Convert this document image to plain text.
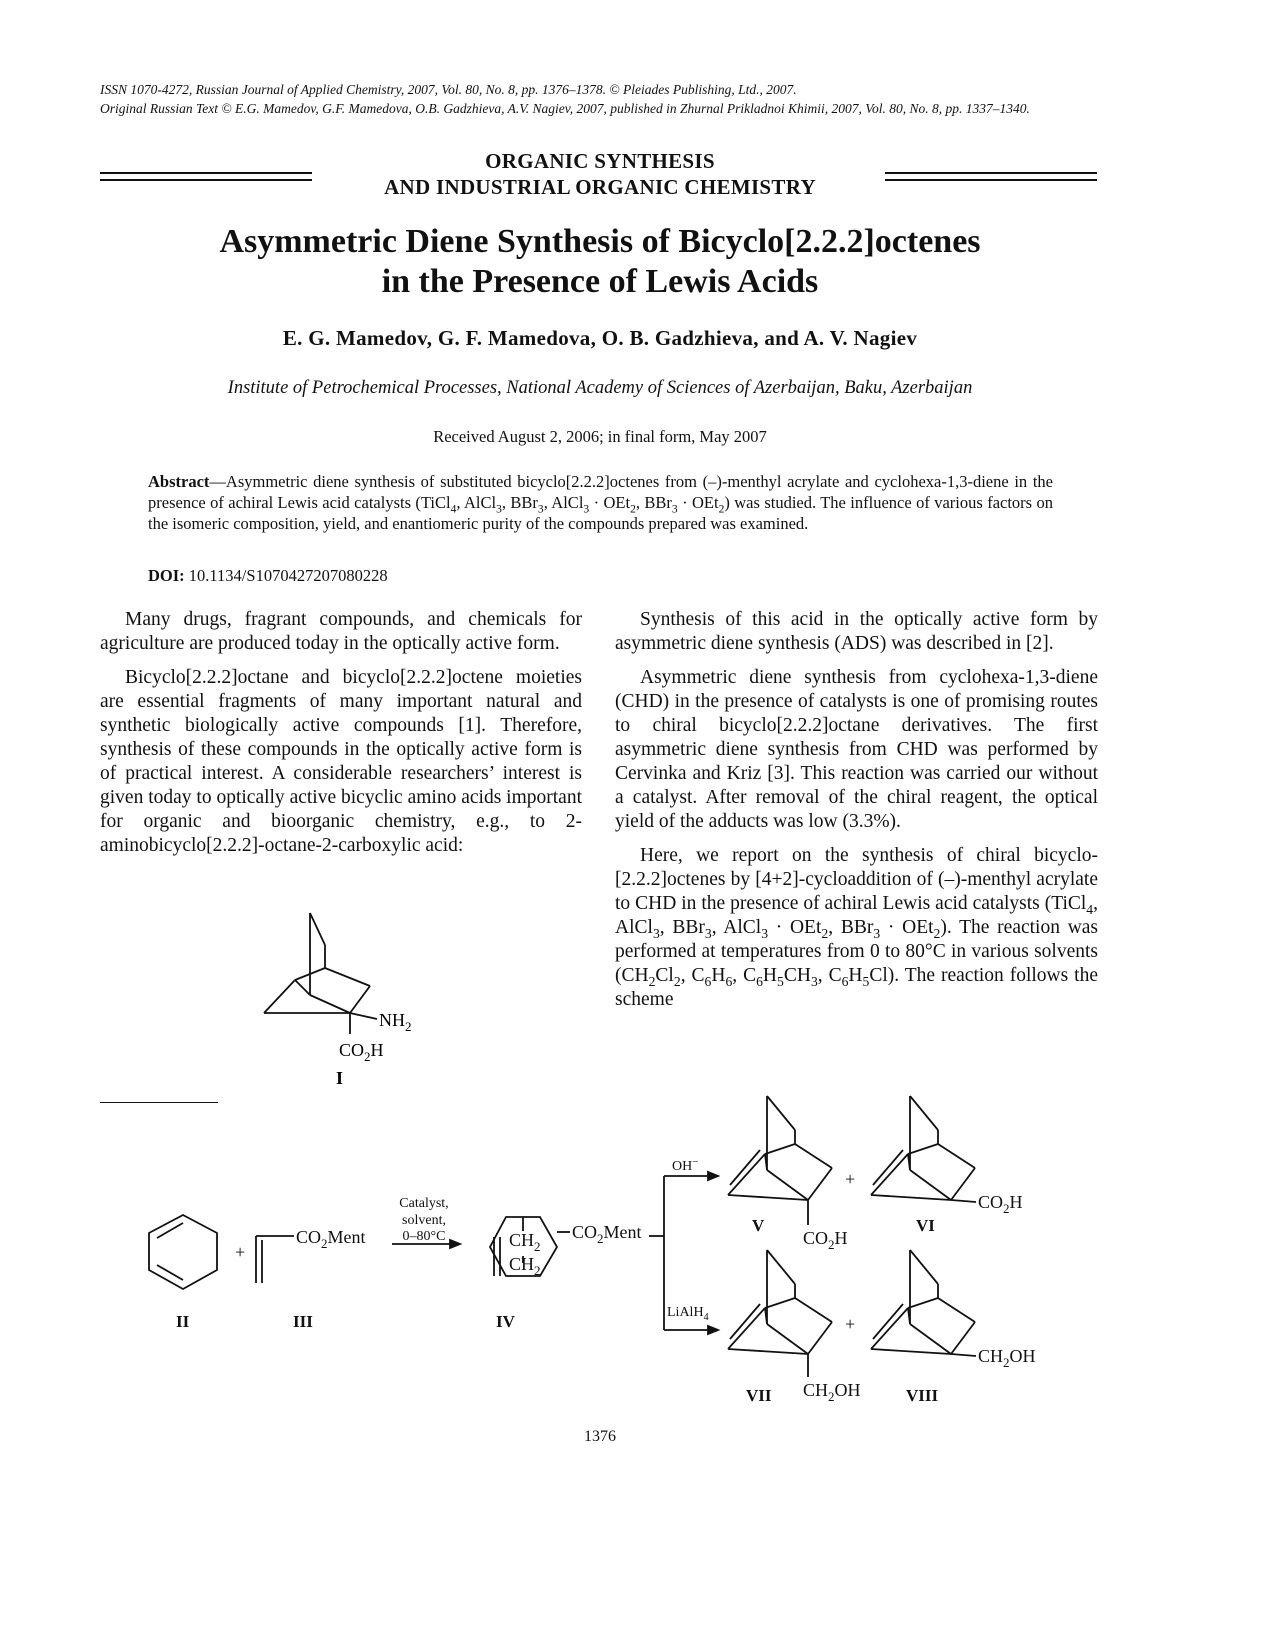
ISSN 1070-4272, Russian Journal of Applied Chemistry, 2007, Vol. 80, No. 8, pp. 1376–1378. © Pleiades Publishing, Ltd., 2007.
Original Russian Text © E.G. Mamedov, G.F. Mamedova, O.B. Gadzhieva, A.V. Nagiev, 2007, published in Zhurnal Prikladnoi Khimii, 2007, Vol. 80, No. 8, pp. 1337–1340.
ORGANIC SYNTHESIS
AND INDUSTRIAL ORGANIC CHEMISTRY
Asymmetric Diene Synthesis of Bicyclo[2.2.2]octenes
in the Presence of Lewis Acids
E. G. Mamedov, G. F. Mamedova, O. B. Gadzhieva, and A. V. Nagiev
Institute of Petrochemical Processes, National Academy of Sciences of Azerbaijan, Baku, Azerbaijan
Received August 2, 2006; in final form, May 2007
Abstract—Asymmetric diene synthesis of substituted bicyclo[2.2.2]octenes from (–)-menthyl acrylate and cyclohexa-1,3-diene in the presence of achiral Lewis acid catalysts (TiCl$_4$, AlCl$_3$, BBr$_3$, AlCl$_3$ · OEt$_2$, BBr$_3$ · OEt$_2$) was studied. The influence of various factors on the isomeric composition, yield, and enantiomeric purity of the compounds prepared was examined.
DOI: 10.1134/S1070427207080228

Many drugs, fragrant compounds, and chemicals for agriculture are produced today in the optically active form.

Bicyclo[2.2.2]octane and bicyclo[2.2.2]octene moieties are essential fragments of many important natural and synthetic biologically active compounds [1]. Therefore, synthesis of these compounds in the optically active form is of practical interest. A considerable researchers’ interest is given today to optically active bicyclic amino acids important for organic and bioorganic chemistry, e.g., to 2-aminobicyclo[2.2.2]-octane-2-carboxylic acid:

$NH_2$
$CO_2H$
I

Synthesis of this acid in the optically active form by asymmetric diene synthesis (ADS) was described in [2].

Asymmetric diene synthesis from cyclohexa-1,3-diene (CHD) in the presence of catalysts is one of promising routes to chiral bicyclo[2.2.2]octane derivatives. The first asymmetric diene synthesis from CHD was performed by Cervinka and Kriz [3]. This reaction was carried our without a catalyst. After removal of the chiral reagent, the optical yield of the adducts was low (3.3%).

Here, we report on the synthesis of chiral bicyclo-[2.2.2]octenes by [4+2]-cycloaddition of (–)-menthyl acrylate to CHD in the presence of achiral Lewis acid catalysts (TiCl$_4$, AlCl$_3$, BBr$_3$, AlCl$_3$ · OEt$_2$, BBr$_3$ · OEt$_2$). The reaction was performed at temperatures from 0 to 80°C in various solvents ($CH_2Cl_2$, $C_6H_6$, $C_6H_5CH_3$, $C_6H_5Cl$). The reaction follows the scheme

+
$CO_2Ment$
Catalyst,
solvent,
0–80°C	$CH_2$
$CH_2$
$CO_2Ment$
OH−
LiAlH$_4$
+
+
$CO_2H$
$CO_2H$
$CH_2OH$
$CH_2OH$
II	III	IV
V	VI
VII	VIII
1376
